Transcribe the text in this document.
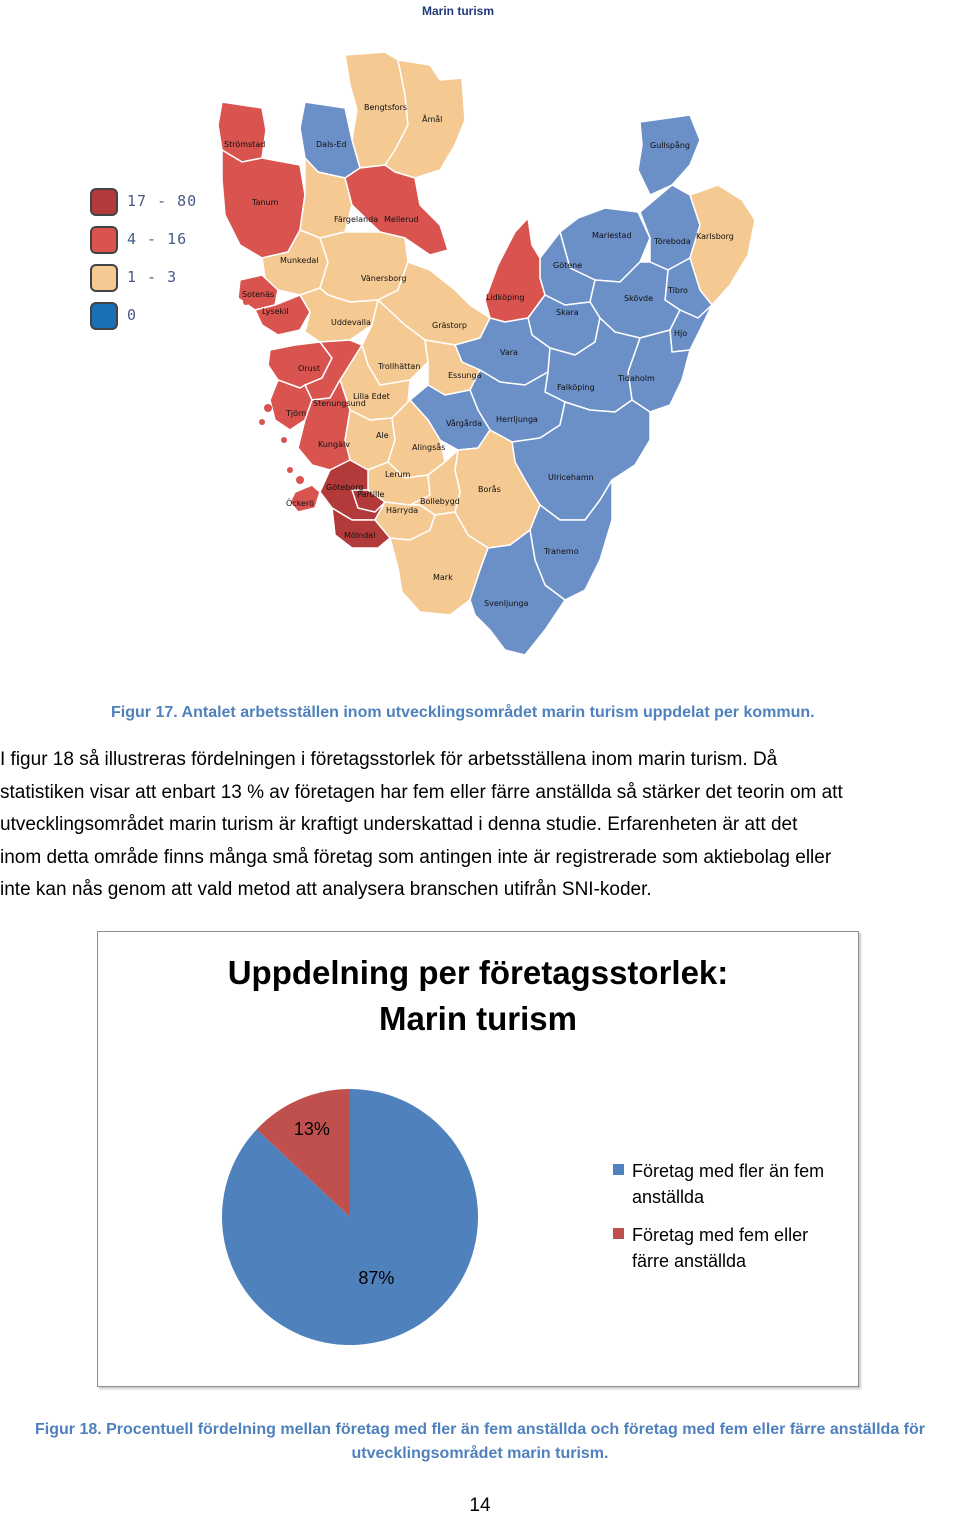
Marin turism
17 - 80
4 - 16
1 - 3
0
Bengtsfors
Åmål
Strömstad	Dals-Ed	Gullspång
Tanum
Färgelanda Mellerud
Mariestad
Töreboda
Karlsborg
Munkedal
Götene
Vänersborg
Sotenäs	Lidköping
Tibro
Skövde
Lysekil	Skara
Uddevalla	Grästorp
Hjo
Vara
Trollhättan
Orust
Essunga	Tidaholm
Falköping
Lilla Edet
Stenungsund
Tjörn
Herrljunga
Vårgårda
Ale
Kungälv	Alingsås
Ulricehamn
Lerum
Borås
Göteborg
Partille
Bollebygd
Öckerö
Härryda
Mölndal
Tranemo
Mark
Svenljunga
Figur 17. Antalet arbetsställen inom utvecklingsområdet marin turism uppdelat per kommun.

I figur 18 så illustreras fördelningen i företagsstorlek för arbetsställena inom marin turism. Då

statistiken visar att enbart 13 % av företagen har fem eller färre anställda så stärker det teorin om att

utvecklingsområdet marin turism är kraftigt underskattad i denna studie. Erfarenheten är att det

inom detta område finns många små företag som antingen inte är registrerade som aktiebolag eller

inte kan nås genom att vald metod att analysera branschen utifrån SNI-koder.

Uppdelning per företagsstorlek:
Marin turism
87%
13%
Företag med fler än fem
anställda
Företag med fem eller
färre anställda
Figur 18. Procentuell fördelning mellan företag med fler än fem anställda och företag med fem eller färre anställda för
utvecklingsområdet marin turism.
14
